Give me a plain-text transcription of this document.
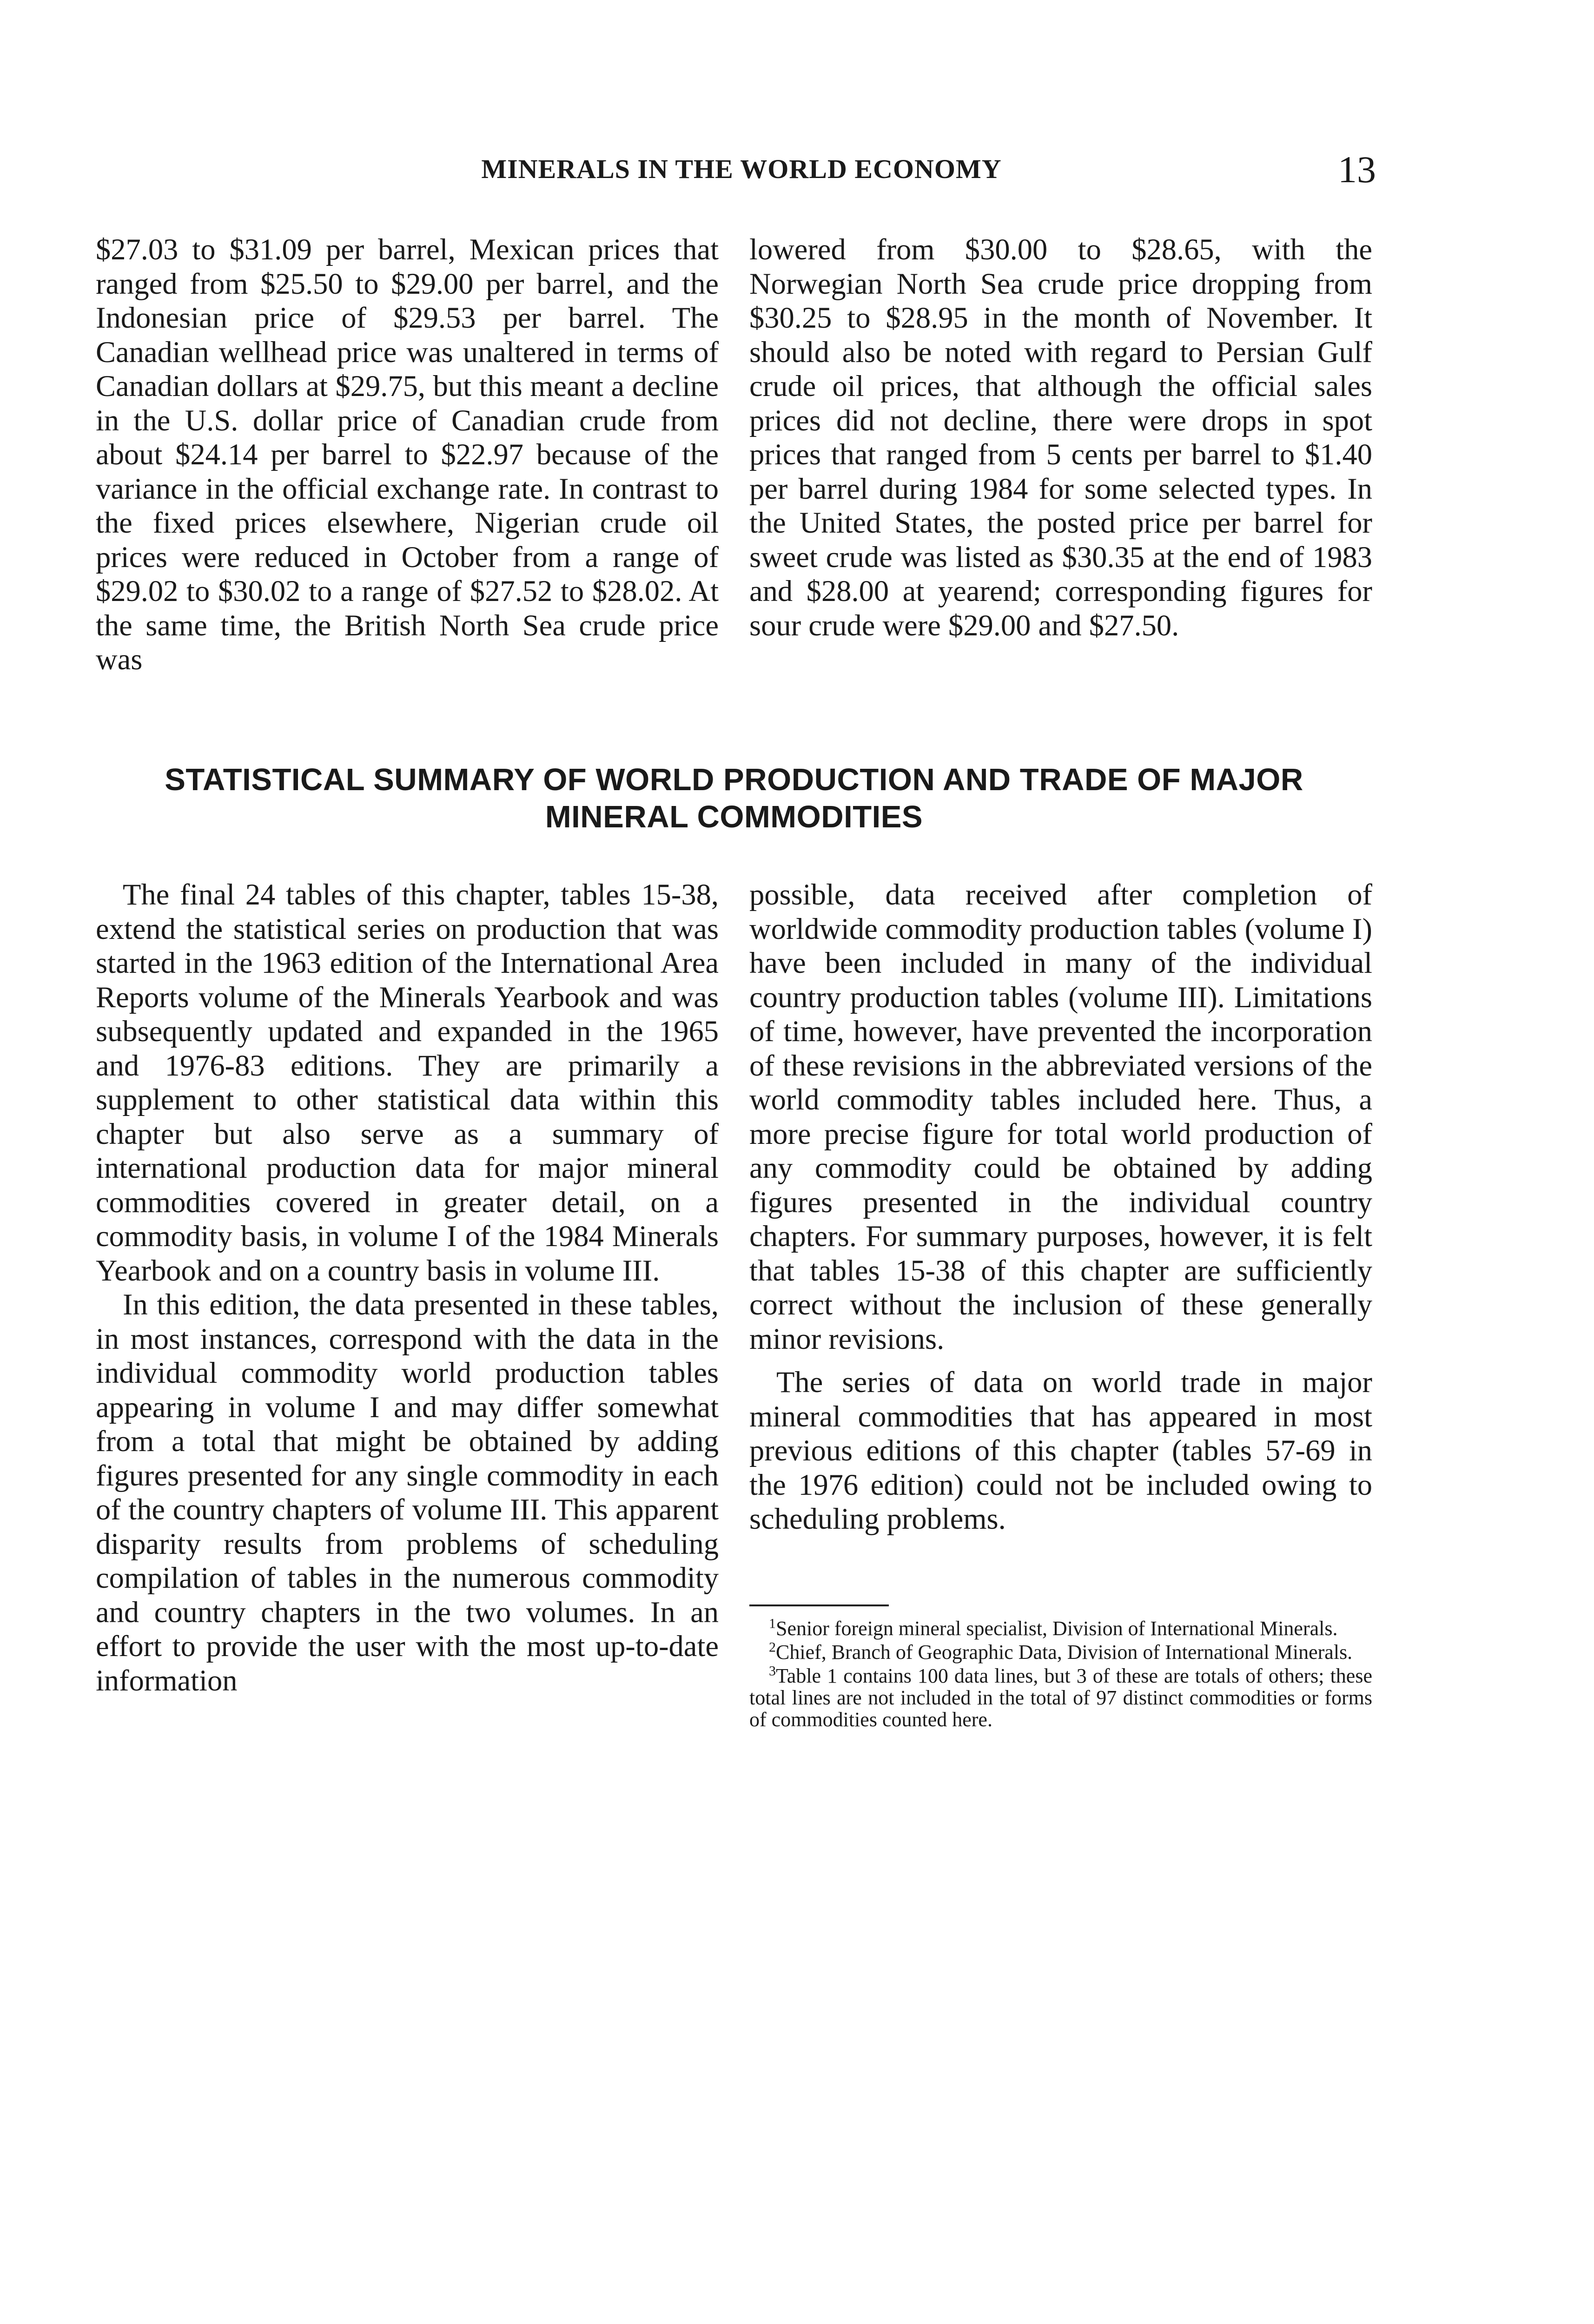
MINERALS IN THE WORLD ECONOMY	13

$27.03 to $31.09 per barrel, Mexican prices that ranged from $25.50 to $29.00 per barrel, and the Indonesian price of $29.53 per barrel. The Canadian wellhead price was unaltered in terms of Canadian dollars at $29.75, but this meant a decline in the U.S. dollar price of Canadian crude from about $24.14 per barrel to $22.97 because of the variance in the official exchange rate. In contrast to the fixed prices elsewhere, Nigerian crude oil prices were reduced in October from a range of $29.02 to $30.02 to a range of $27.52 to $28.02. At the same time, the British North Sea crude price was

lowered from $30.00 to $28.65, with the Norwegian North Sea crude price dropping from $30.25 to $28.95 in the month of November. It should also be noted with regard to Persian Gulf crude oil prices, that although the official sales prices did not decline, there were drops in spot prices that ranged from 5 cents per barrel to $1.40 per barrel during 1984 for some selected types. In the United States, the posted price per barrel for sweet crude was listed as $30.35 at the end of 1983 and $28.00 at yearend; corresponding figures for sour crude were $29.00 and $27.50.

STATISTICAL SUMMARY OF WORLD PRODUCTION AND TRADE OF MAJOR
MINERAL COMMODITIES

The final 24 tables of this chapter, tables 15-38, extend the statistical series on production that was started in the 1963 edition of the International Area Reports volume of the Minerals Yearbook and was subsequently updated and expanded in the 1965 and 1976-83 editions. They are primarily a supplement to other statistical data within this chapter but also serve as a summary of international production data for major mineral commodities covered in greater detail, on a commodity basis, in volume I of the 1984 Minerals Yearbook and on a country basis in volume III.

In this edition, the data presented in these tables, in most instances, correspond with the data in the individual commodity world production tables appearing in volume I and may differ somewhat from a total that might be obtained by adding figures presented for any single commodity in each of the country chapters of volume III. This apparent disparity results from problems of scheduling compilation of tables in the numerous commodity and country chapters in the two volumes. In an effort to provide the user with the most up-to-date information

possible, data received after completion of worldwide commodity production tables (volume I) have been included in many of the individual country production tables (volume III). Limitations of time, however, have prevented the incorporation of these revisions in the abbreviated versions of the world commodity tables included here. Thus, a more precise figure for total world production of any commodity could be obtained by adding figures presented in the individual country chapters. For summary purposes, however, it is felt that tables 15-38 of this chapter are sufficiently correct without the inclusion of these generally minor revisions.

The series of data on world trade in major mineral commodities that has appeared in most previous editions of this chapter (tables 57-69 in the 1976 edition) could not be included owing to scheduling problems.

$^1$Senior foreign mineral specialist, Division of International Minerals.

$^2$Chief, Branch of Geographic Data, Division of International Minerals.

$^3$Table 1 contains 100 data lines, but 3 of these are totals of others; these total lines are not included in the total of 97 distinct commodities or forms of commodities counted here.
